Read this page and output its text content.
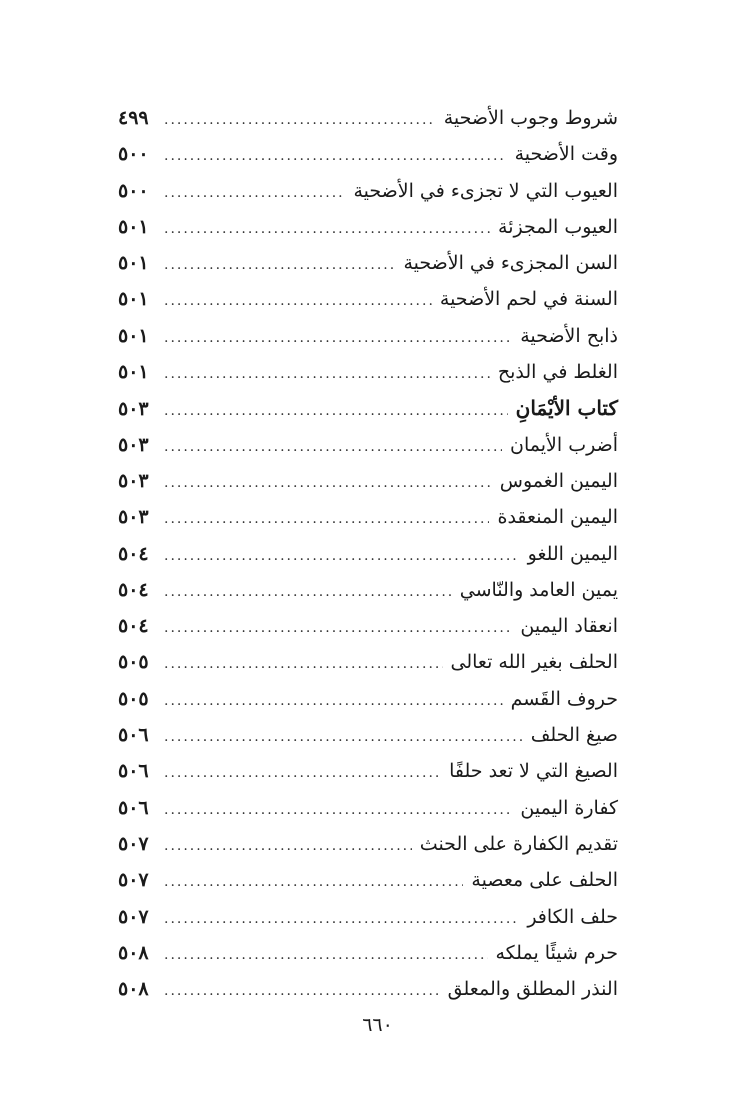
شروط وجوب الأضحية
.....
٤٩٩
وقت الأضحية
.....
٥٠٠
العيوب التي لا تجزىء في الأضحية
.....
٥٠٠
العيوب المجزئة
.....
٥٠١
السن المجزىء في الأضحية
.....
٥٠١
السنة في لحم الأضحية
.....
٥٠١
ذابح الأضحية
.....
٥٠١
الغلط في الذبح
.....
٥٠١
كتاب الأيْمَانِ
.....
٥٠٣
أضرب الأيمان
.....
٥٠٣
اليمين الغموس
.....
٥٠٣
اليمين المنعقدة
.....
٥٠٣
اليمين اللغو
.....
٥٠٤
يمين العامد والنّاسي
.....
٥٠٤
انعقاد اليمين
.....
٥٠٤
الحلف بغير الله تعالى
.....
٥٠٥
حروف القَسم
.....
٥٠٥
صيغ الحلف
.....
٥٠٦
الصيغ التي لا تعد حلفًا
.....
٥٠٦
كفارة اليمين
.....
٥٠٦
تقديم الكفارة على الحنث
.....
٥٠٧
الحلف على معصية
.....
٥٠٧
حلف الكافر
.....
٥٠٧
حرم شيئًا يملكه
.....
٥٠٨
النذر المطلق والمعلق
.....
٥٠٨
٦٦٠
